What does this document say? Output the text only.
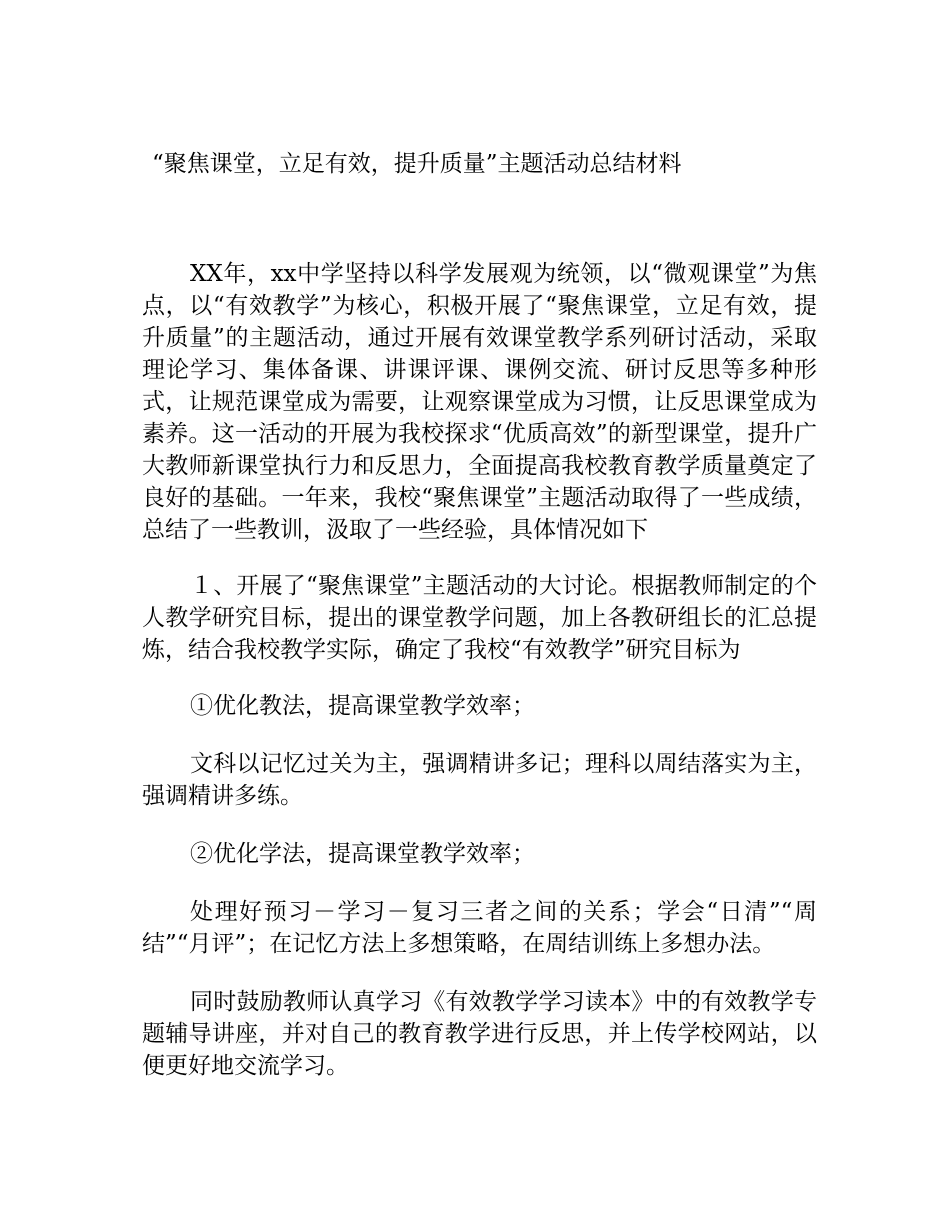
“聚焦课堂，立足有效，提升质量”主题活动总结材料

XX年，xx中学坚持以科学发展观为统领，以“微观课堂”为焦点，以“有效教学”为核心，积极开展了“聚焦课堂，立足有效，提升质量”的主题活动，通过开展有效课堂教学系列研讨活动，采取理论学习、集体备课、讲课评课、课例交流、研讨反思等多种形式，让规范课堂成为需要，让观察课堂成为习惯，让反思课堂成为素养。这一活动的开展为我校探求“优质高效”的新型课堂，提升广大教师新课堂执行力和反思力，全面提高我校教育教学质量奠定了良好的基础。一年来，我校“聚焦课堂”主题活动取得了一些成绩，总结了一些教训，汲取了一些经验，具体情况如下

１、开展了“聚焦课堂”主题活动的大讨论。根据教师制定的个人教学研究目标，提出的课堂教学问题，加上各教研组长的汇总提炼，结合我校教学实际，确定了我校“有效教学”研究目标为

①优化教法，提高课堂教学效率；

文科以记忆过关为主，强调精讲多记；理科以周结落实为主，强调精讲多练。

②优化学法，提高课堂教学效率；

处理好预习－学习－复习三者之间的关系；学会“日清”“周结”“月评”；在记忆方法上多想策略，在周结训练上多想办法。

同时鼓励教师认真学习《有效教学学习读本》中的有效教学专题辅导讲座，并对自己的教育教学进行反思，并上传学校网站，以便更好地交流学习。
